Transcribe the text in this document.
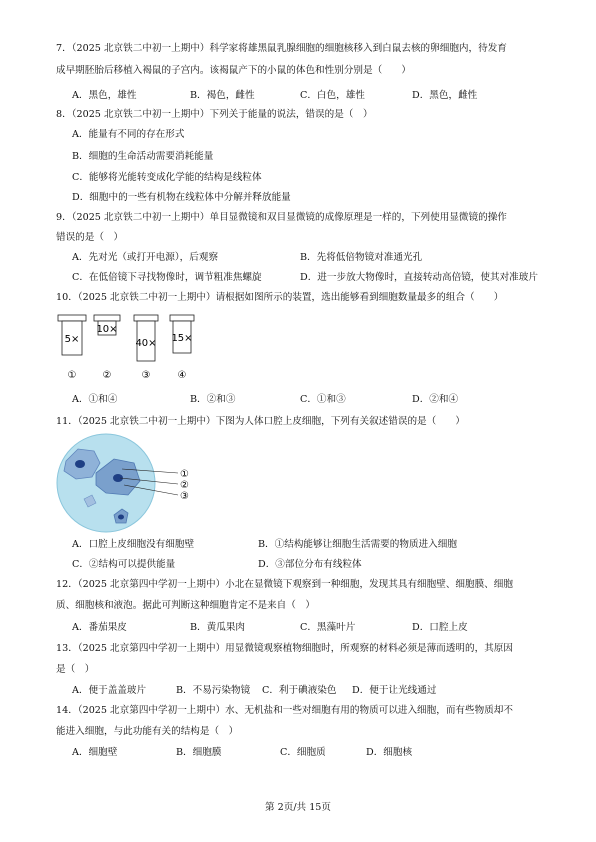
7．（2025 北京铁二中初一上期中）科学家将雄黑鼠乳腺细胞的细胞核移入到白鼠去核的卵细胞内，待发育
成早期胚胎后移植入褐鼠的子宫内。该褐鼠产下的小鼠的体色和性别分别是（　　）
A．黑色，雄性	B．褐色，雌性	C．白色，雄性	D．黑色，雌性
8．（2025 北京铁二中初一上期中）下列关于能量的说法，错误的是（　）
A．能量有不同的存在形式
B．细胞的生命活动需要消耗能量
C．能够将光能转变成化学能的结构是线粒体
D．细胞中的一些有机物在线粒体中分解并释放能量
9．（2025 北京铁二中初一上期中）单目显微镜和双目显微镜的成像原理是一样的，下列使用显微镜的操作
错误的是（　）
A．先对光（或打开电源），后观察	B．先将低倍物镜对准通光孔
C．在低倍镜下寻找物像时，调节粗准焦螺旋	D．进一步放大物像时，直接转动高倍镜，使其对准玻片
10．（2025 北京铁二中初一上期中）请根据如图所示的装置，选出能够看到细胞数量最多的组合（　　）
5×
10×
40× 15×
①	②	③	④
A．①和④	B．②和③	C．①和③	D．②和④
11．（2025 北京铁二中初一上期中）下图为人体口腔上皮细胞，下列有关叙述错误的是（　　）
①
②
③
A．口腔上皮细胞没有细胞壁	B．①结构能够让细胞生活需要的物质进入细胞
C．②结构可以提供能量	D．③部位分布有线粒体
12．（2025 北京第四中学初一上期中）小北在显微镜下观察到一种细胞，发现其具有细胞壁、细胞膜、细胞
质、细胞核和液泡。据此可判断这种细胞肯定不是来自（　）
A．番茄果皮	B．黄瓜果肉	C．黑藻叶片	D．口腔上皮
13．（2025 北京第四中学初一上期中）用显微镜观察植物细胞时，所观察的材料必须是薄而透明的，其原因
是（　）
A．便于盖盖玻片	B．不易污染物镜 C．利于碘液染色 D．便于让光线通过
14．（2025 北京第四中学初一上期中）水、无机盐和一些对细胞有用的物质可以进入细胞，而有些物质却不
能进入细胞，与此功能有关的结构是（　）
A．细胞壁	B．细胞膜	C．细胞质	D．细胞核
第 2页/共 15页
